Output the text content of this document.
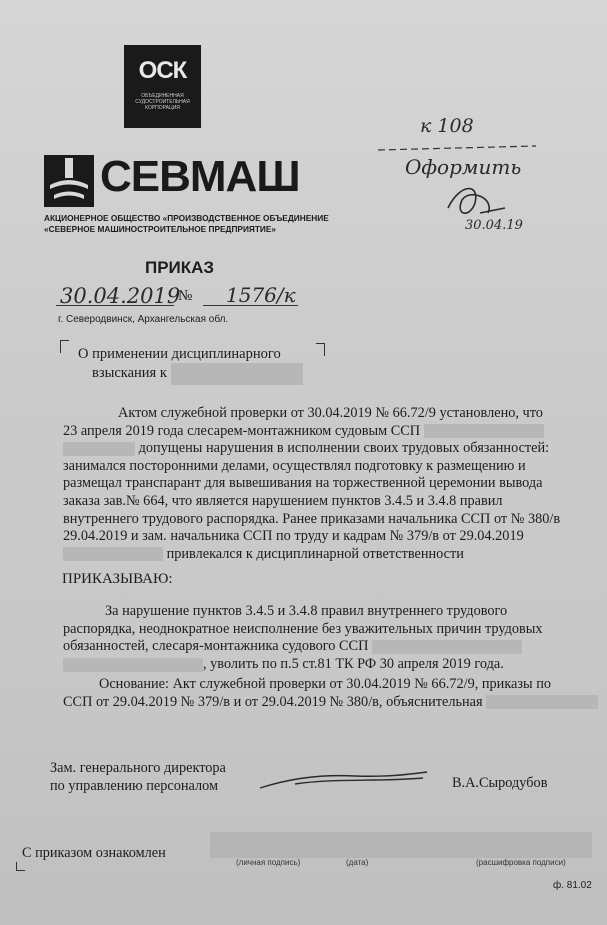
ОСК
ОБЪЕДИНЕННАЯ СУДОСТРОИТЕЛЬНАЯ КОРПОРАЦИЯ
СЕВМАШ
АКЦИОНЕРНОЕ ОБЩЕСТВО «ПРОИЗВОДСТВЕННОЕ ОБЪЕДИНЕНИЕ
«СЕВЕРНОЕ МАШИНОСТРОИТЕЛЬНОЕ ПРЕДПРИЯТИЕ»
к 108
Оформить
30.04.19
ПРИКАЗ
30.04.2019
№ 1576/к
г. Северодвинск, Архангельская обл.
О применении дисциплинарного
взыскания к
Актом служебной проверки от 30.04.2019 № 66.72/9 установлено, что
23 апреля 2019 года слесарем-монтажником судовым ССП
допущены нарушения в исполнении своих трудовых обязанностей:
занимался посторонними делами, осуществлял подготовку к размещению и
размещал транспарант для вывешивания на торжественной церемонии вывода
заказа зав.№ 664, что является нарушением пунктов 3.4.5 и 3.4.8 правил
внутреннего трудового распорядка. Ранее приказами начальника ССП от № 380/в
29.04.2019 и зам. начальника ССП по труду и кадрам № 379/в от 29.04.2019
привлекался к дисциплинарной ответственности
ПРИКАЗЫВАЮ:
За нарушение пунктов 3.4.5 и 3.4.8 правил внутреннего трудового
распорядка, неоднократное неисполнение без уважительных причин трудовых
обязанностей, слесаря-монтажника судового ССП
, уволить по п.5 ст.81 ТК РФ 30 апреля 2019 года.
Основание: Акт служебной проверки от 30.04.2019 № 66.72/9, приказы по
ССП от 29.04.2019 № 379/в и от 29.04.2019 № 380/в, объяснительная
Зам. генерального директора
по управлению персоналом	В.А.Сыродубов
С приказом ознакомлен
(личная подпись)	(дата)	(расшифровка подписи)
ф. 81.02
